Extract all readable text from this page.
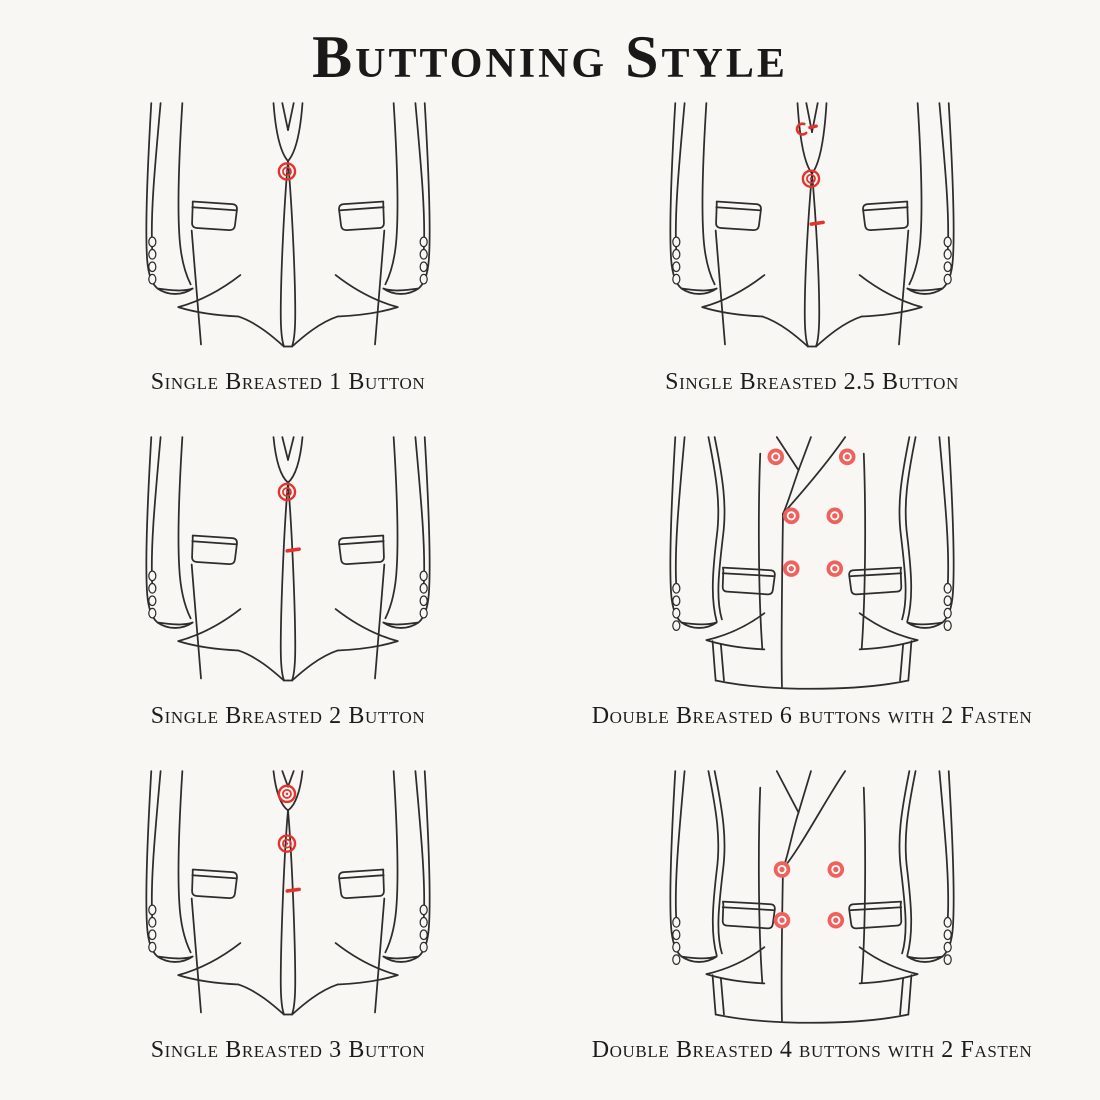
Buttoning Style
Single Breasted 1 Button	Single Breasted 2.5 Button
Single Breasted 2 Button	Double Breasted 6 buttons with 2 Fasten
Single Breasted 3 Button	Double Breasted 4 buttons with 2 Fasten
